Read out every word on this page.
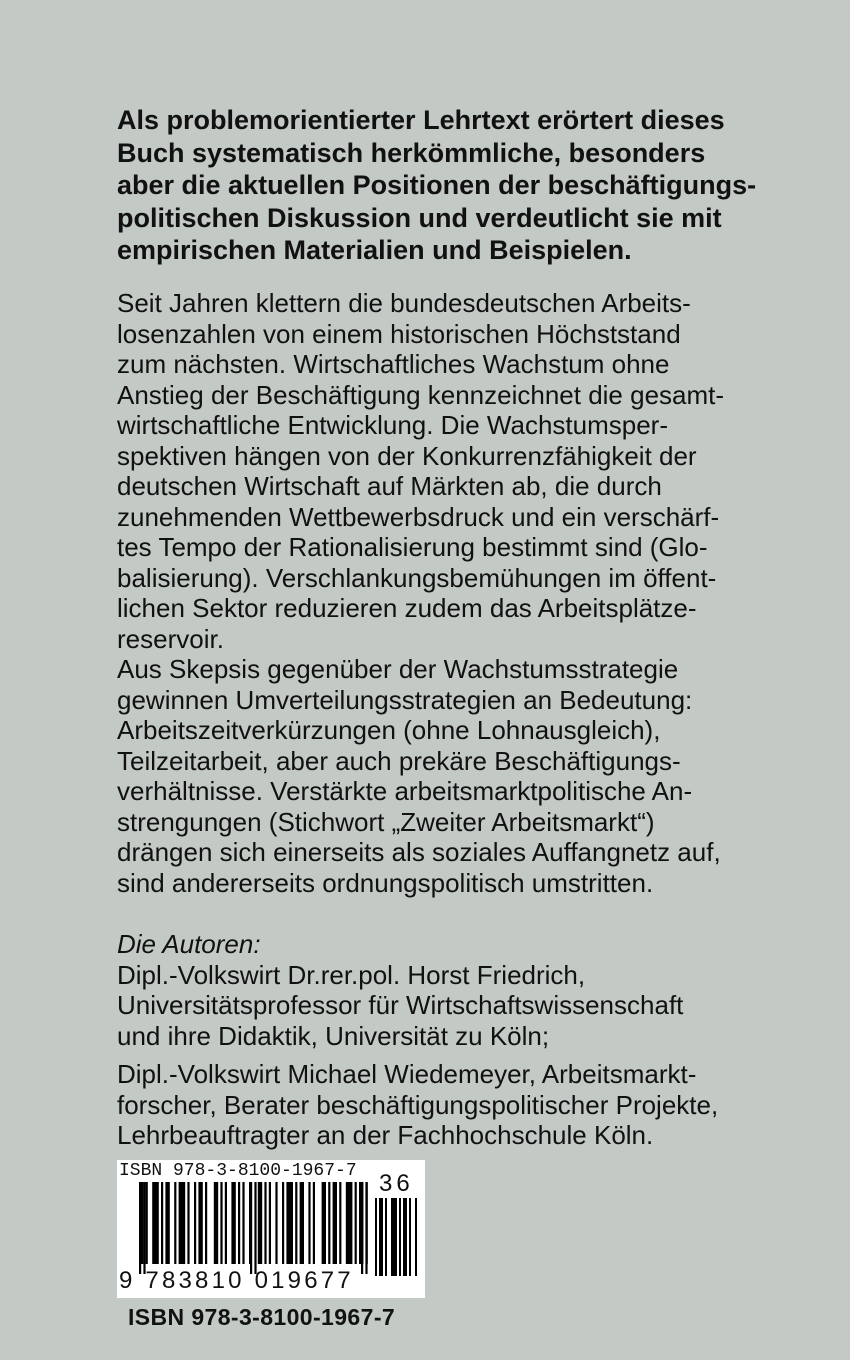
Als problemorientierter Lehrtext erörtert dieses
Buch systematisch herkömmliche, besonders
aber die aktuellen Positionen der beschäftigungs-
politischen Diskussion und verdeutlicht sie mit
empirischen Materialien und Beispielen.

Seit Jahren klettern die bundesdeutschen Arbeits-
losenzahlen von einem historischen Höchststand
zum nächsten. Wirtschaftliches Wachstum ohne
Anstieg der Beschäftigung kennzeichnet die gesamt-
wirtschaftliche Entwicklung. Die Wachstumsper-
spektiven hängen von der Konkurrenzfähigkeit der
deutschen Wirtschaft auf Märkten ab, die durch
zunehmenden Wettbewerbsdruck und ein verschärf-
tes Tempo der Rationalisierung bestimmt sind (Glo-
balisierung). Verschlankungsbemühungen im öffent-
lichen Sektor reduzieren zudem das Arbeitsplätze-
reservoir.

Aus Skepsis gegenüber der Wachstumsstrategie
gewinnen Umverteilungsstrategien an Bedeutung:
Arbeitszeitverkürzungen (ohne Lohnausgleich),
Teilzeitarbeit, aber auch prekäre Beschäftigungs-
verhältnisse. Verstärkte arbeitsmarktpolitische An-
strengungen (Stichwort „Zweiter Arbeitsmarkt“)
drängen sich einerseits als soziales Auffangnetz auf,
sind andererseits ordnungspolitisch umstritten.

Die Autoren:

Dipl.-Volkswirt Dr.rer.pol. Horst Friedrich,
Universitätsprofessor für Wirtschaftswissenschaft
und ihre Didaktik, Universität zu Köln;

Dipl.-Volkswirt Michael Wiedemeyer, Arbeitsmarkt-
forscher, Berater beschäftigungspolitischer Projekte,
Lehrbeauftragter an der Fachhochschule Köln.

ISBN 978-3-8100-1967-7 36
9 783810 019677
ISBN 978-3-8100-1967-7
